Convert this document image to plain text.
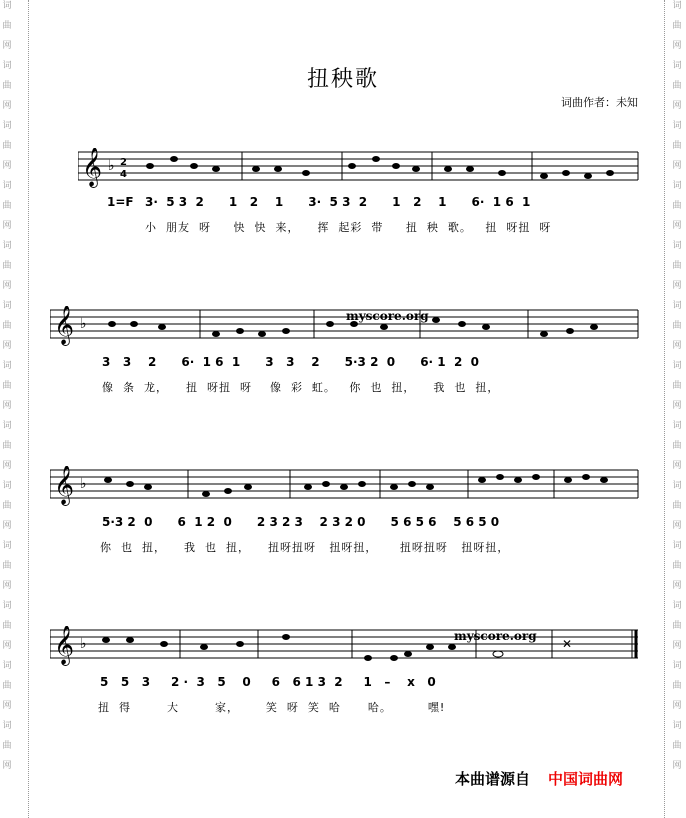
词
曲
网
词
曲
网
词
曲
网
词
曲
网
词
曲
网
词
曲
网
词
曲
网
词
曲
网
词
曲
网
词
曲
网
词
曲
网
词
曲
网
词
曲
网
词
曲
网
词
曲
网
词
曲
网
词
曲
网
词
曲
网
词
曲
网
词
曲
网
词
曲
网
词
曲
网
词
曲
网
词
曲
网
词
曲
网
词
曲
网
扭秧歌
词曲作者：未知
𝄞 ♭ 2
4
1=F 3·  5 3  2      1   2    1      3·  5 3  2      1   2    1      6·  1 6  1
小  朋友  呀     快  快  来，    挥  起彩  带     扭  秧  歌。   扭  呀扭  呀
𝄞 ♭	myscore.org
3   3    2      6·  1 6  1      3   3    2      5·3 2  0      6· 1  2  0
像  条  龙，    扭  呀扭  呀    像  彩  虹。   你  也  扭，    我  也  扭，
𝄞 ♭
5·3 2  0      6  1 2  0      2 3 2 3    2 3 2 0      5 6 5 6    5 6 5 0
你  也  扭，    我  也  扭，    扭呀扭呀   扭呀扭，     扭呀扭呀   扭呀扭，
𝄞 ♭	✕
myscore.org
5   5   3     2 ·  3   5    0     6   6 1 3  2     1   –    x   0
扭  得        大        家，      笑  呀  笑  哈      哈。        嘿!
本曲谱源自 中国词曲网
